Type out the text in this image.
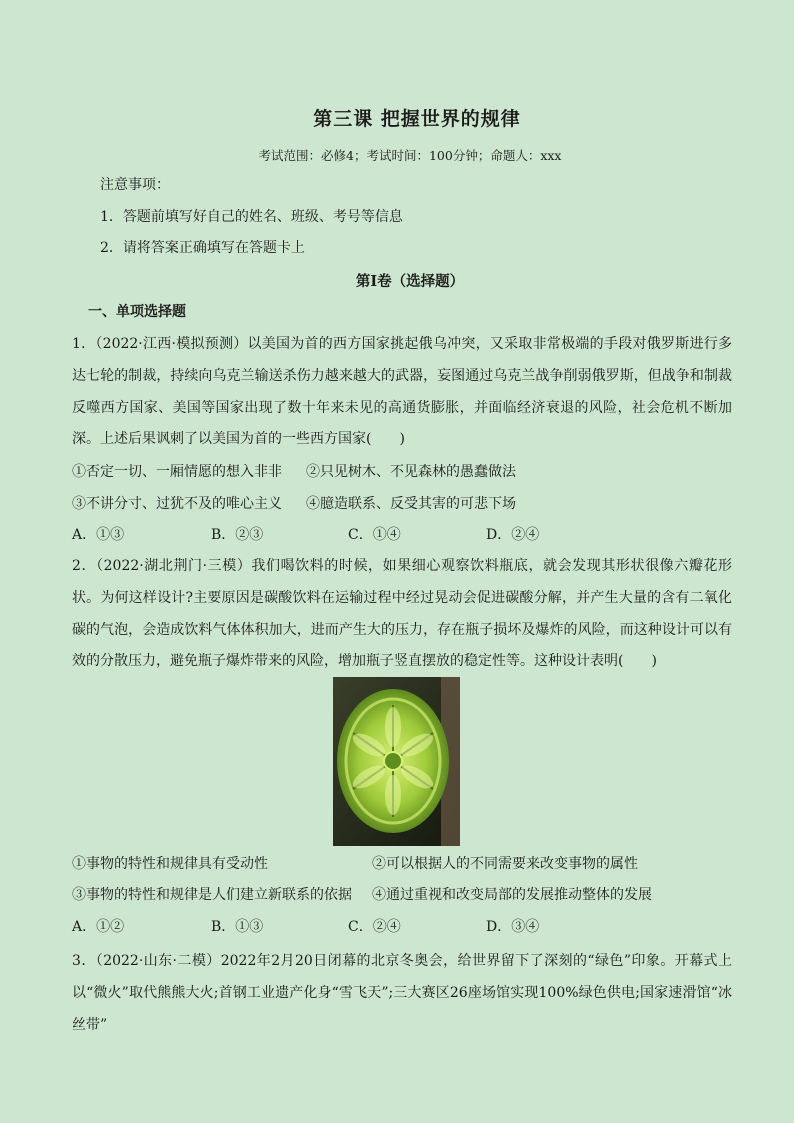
第三课 把握世界的规律
考试范围：必修4；考试时间：100分钟；命题人：xxx
注意事项：
1．答题前填写好自己的姓名、班级、考号等信息
2．请将答案正确填写在答题卡上
第I卷（选择题）
一、单项选择题
1．（2022·江西·模拟预测）以美国为首的西方国家挑起俄乌冲突，又采取非常极端的手段对俄罗斯进行多达七轮的制裁，持续向乌克兰输送杀伤力越来越大的武器，妄图通过乌克兰战争削弱俄罗斯，但战争和制裁反噬西方国家、美国等国家出现了数十年来未见的高通货膨胀，并面临经济衰退的风险，社会危机不断加深。上述后果讽刺了以美国为首的一些西方国家(　　)
①否定一切、一厢情愿的想入非非 ②只见树木、不见森林的愚蠢做法
③不讲分寸、过犹不及的唯心主义 ④臆造联系、反受其害的可悲下场
A．①③	B．②③	C．①④	D．②④
2．（2022·湖北荆门·三模）我们喝饮料的时候，如果细心观察饮料瓶底，就会发现其形状很像六瓣花形状。为何这样设计?主要原因是碳酸饮料在运输过程中经过晃动会促进碳酸分解，并产生大量的含有二氧化碳的气泡，会造成饮料气体体积加大，进而产生大的压力，存在瓶子损坏及爆炸的风险，而这种设计可以有效的分散压力，避免瓶子爆炸带来的风险，增加瓶子竖直摆放的稳定性等。这种设计表明(　　)
①事物的特性和规律具有受动性	②可以根据人的不同需要来改变事物的属性
③事物的特性和规律是人们建立新联系的依据 ④通过重视和改变局部的发展推动整体的发展
A．①②	B．①③	C．②④	D．③④
3．（2022·山东·二模）2022年2月20日闭幕的北京冬奥会，给世界留下了深刻的“绿色”印象。开幕式上以“微火”取代熊熊大火;首钢工业遗产化身“雪飞天”;三大赛区26座场馆实现100%绿色供电;国家速滑馆“冰丝带”
